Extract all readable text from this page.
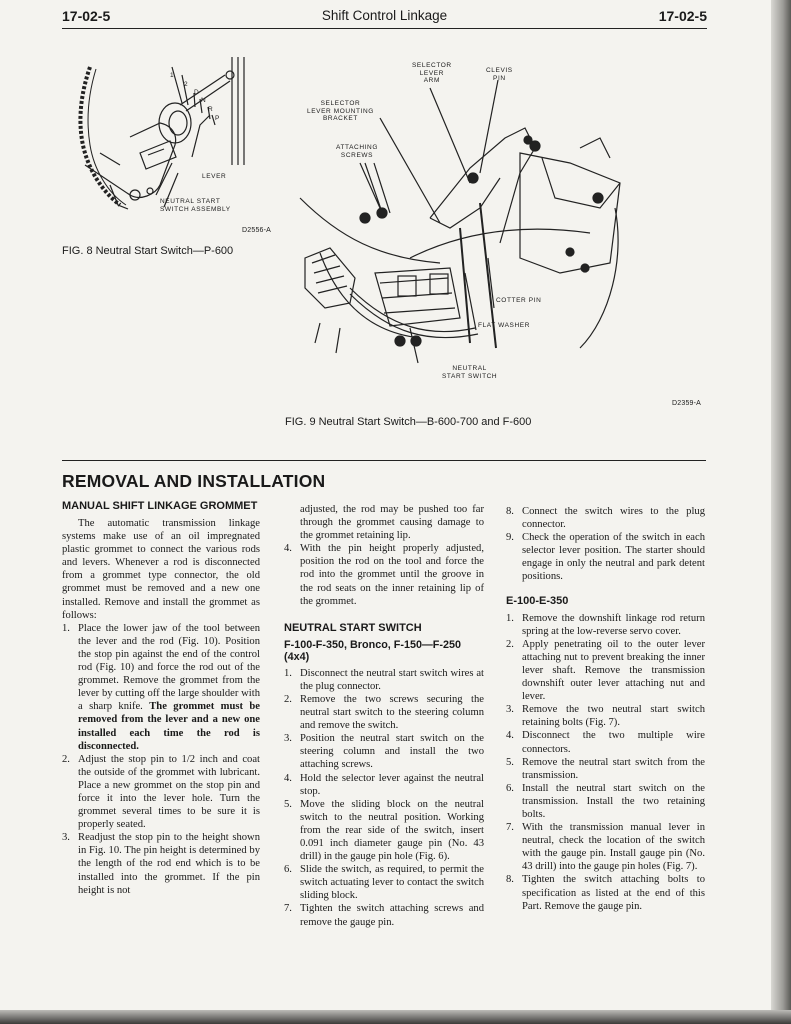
17-02-5	Shift Control Linkage	17-02-5
1
2
D
N
R
P
LEVER
NEUTRAL START
SWITCH ASSEMBLY
D2556-A
FIG. 8 Neutral Start Switch—P-600
SELECTOR
LEVER
ARM
CLEVIS
PIN
SELECTOR
LEVER MOUNTING
BRACKET
ATTACHING
SCREWS
COTTER PIN
FLAT WASHER
NEUTRAL
START SWITCH
D2359-A
FIG. 9 Neutral Start Switch—B-600-700 and F-600
REMOVAL AND INSTALLATION
MANUAL SHIFT LINKAGE GROMMET

The automatic transmission linkage systems make use of an oil impregnated plastic grommet to connect the various rods and levers. Whenever a rod is disconnected from a grommet type connector, the old grommet must be removed and a new one installed. Remove and install the grommet as follows:

1. Place the lower jaw of the tool between the lever and the rod (Fig. 10). Position the stop pin against the end of the control rod (Fig. 10) and force the rod out of the grommet. Remove the grommet from the lever by cutting off the large shoulder with a sharp knife. The grommet must be removed from the lever and a new one installed each time the rod is disconnected.
2. Adjust the stop pin to 1/2 inch and coat the outside of the grommet with lubricant. Place a new grommet on the stop pin and force it into the lever hole. Turn the grommet several times to be sure it is properly seated.
3. Readjust the stop pin to the height shown in Fig. 10. The pin height is determined by the length of the rod end which is to be installed into the grommet. If the pin height is not
adjusted, the rod may be pushed too far through the grommet causing damage to the grommet retaining lip.
4. With the pin height properly adjusted, position the rod on the tool and force the rod into the grommet until the groove in the rod seats on the inner retaining lip of the grommet.
NEUTRAL START SWITCH
F-100-F-350, Bronco, F-150—F-250 (4x4)
1. Disconnect the neutral start switch wires at the plug connector.
2. Remove the two screws securing the neutral start switch to the steering column and remove the switch.
3. Position the neutral start switch on the steering column and install the two attaching screws.
4. Hold the selector lever against the neutral stop.
5. Move the sliding block on the neutral switch to the neutral position. Working from the rear side of the switch, insert 0.091 inch diameter gauge pin (No. 43 drill) in the gauge pin hole (Fig. 6).
6. Slide the switch, as required, to permit the switch actuating lever to contact the switch sliding block.
7. Tighten the switch attaching screws and remove the gauge pin.
8. Connect the switch wires to the plug connector.
9. Check the operation of the switch in each selector lever position. The starter should engage in only the neutral and park detent positions.
E-100-E-350
1. Remove the downshift linkage rod return spring at the low-reverse servo cover.
2. Apply penetrating oil to the outer lever attaching nut to prevent breaking the inner lever shaft. Remove the transmission downshift outer lever attaching nut and lever.
3. Remove the two neutral start switch retaining bolts (Fig. 7).
4. Disconnect the two multiple wire connectors.
5. Remove the neutral start switch from the transmission.
6. Install the neutral start switch on the transmission. Install the two retaining bolts.
7. With the transmission manual lever in neutral, check the location of the switch with the gauge pin. Install gauge pin (No. 43 drill) into the gauge pin holes (Fig. 7).
8. Tighten the switch attaching bolts to specification as listed at the end of this Part. Remove the gauge pin.
